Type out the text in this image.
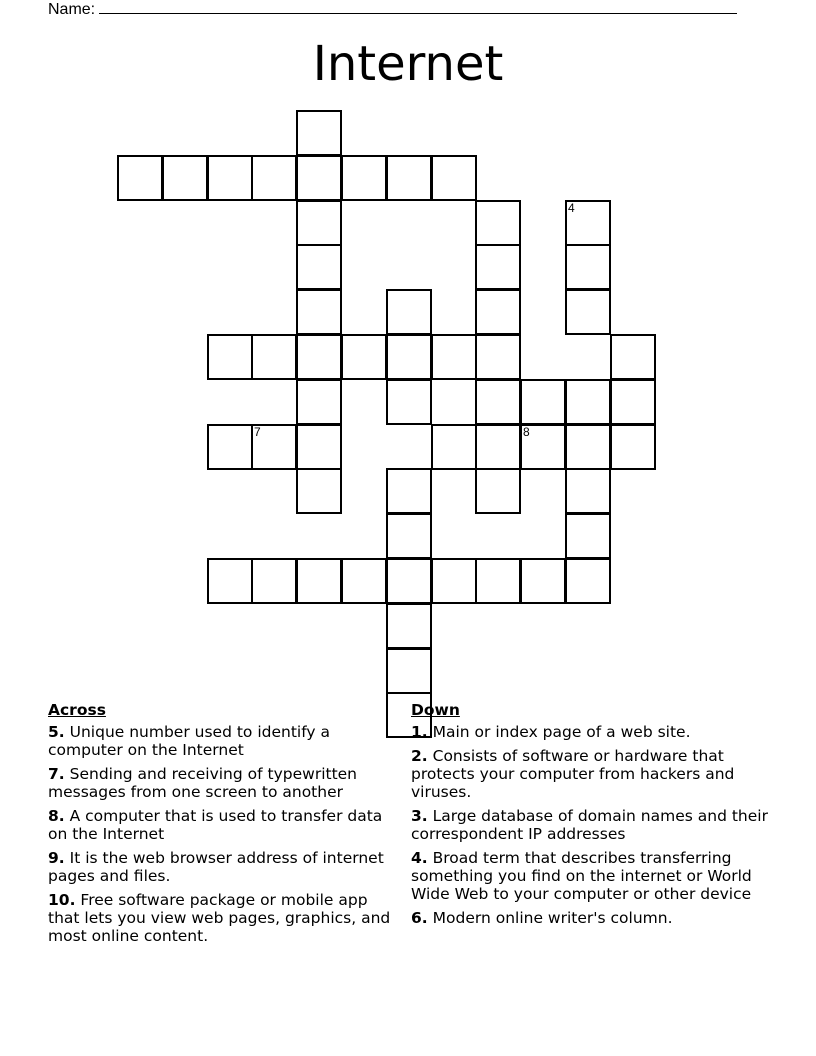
Name:
Internet
7	8
4
Across
5. Unique number used to identify a computer on the Internet
7. Sending and receiving of typewritten messages from one screen to another
8. A computer that is used to transfer data on the Internet
9. It is the web browser address of internet pages and files.
10. Free software package or mobile app that lets you view web pages, graphics, and most online content.
Down
1. Main or index page of a web site.
2. Consists of software or hardware that protects your computer from hackers and viruses.
3. Large database of domain names and their correspondent IP addresses
4. Broad term that describes transferring something you find on the internet or World Wide Web to your computer or other device
6. Modern online writer's column.
